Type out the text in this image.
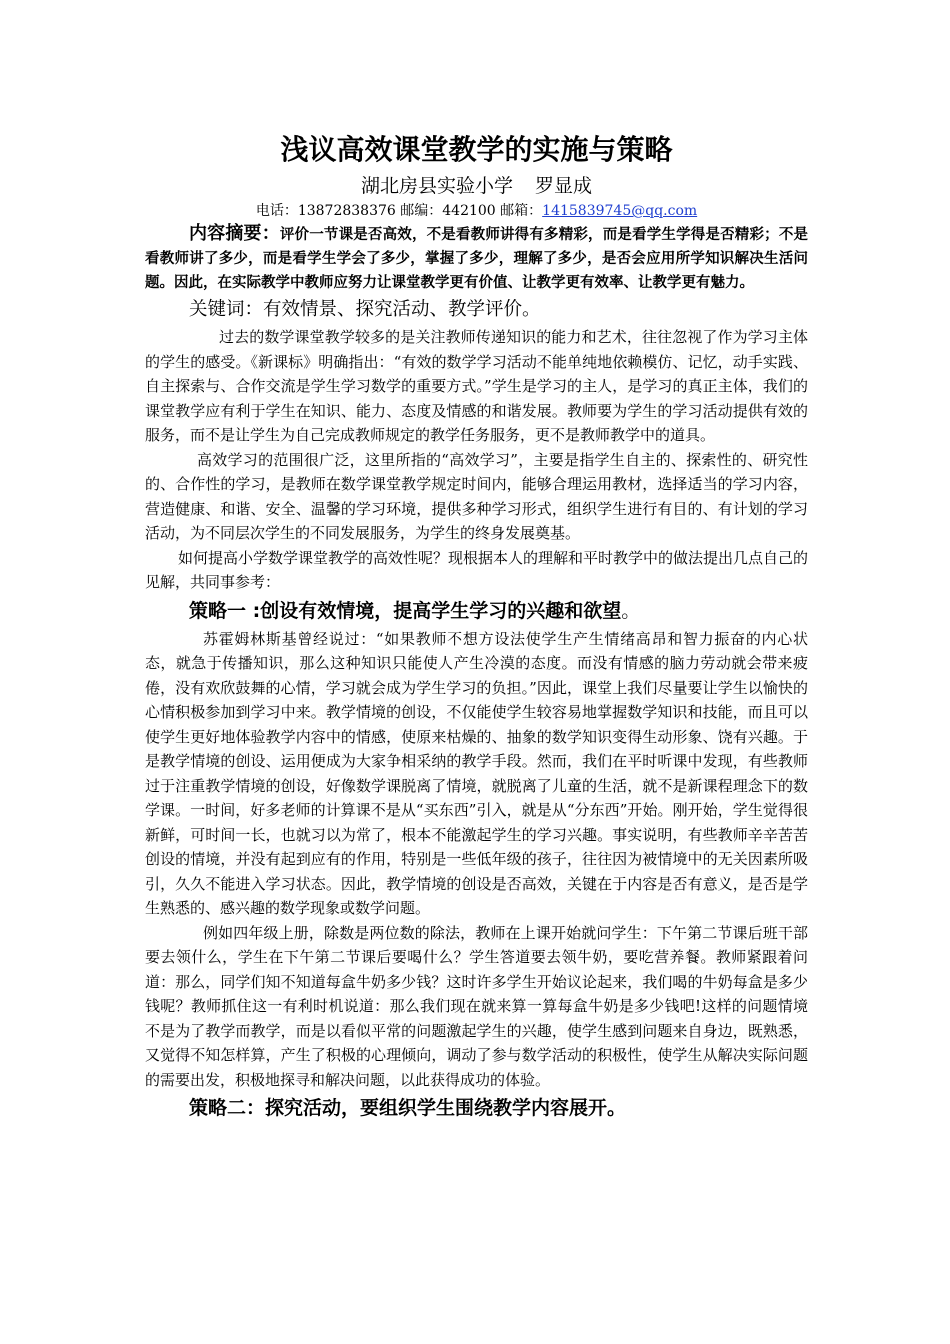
浅议高效课堂教学的实施与策略

湖北房县实验小学 罗显成

电话：13872838376 邮编：442100 邮箱：1415839745@qq.com

内容摘要：评价一节课是否高效，不是看教师讲得有多精彩，而是看学生学得是否精彩；不是看教师讲了多少，而是看学生学会了多少，掌握了多少，理解了多少，是否会应用所学知识解决生活问题。因此，在实际教学中教师应努力让课堂教学更有价值、让教学更有效率、让教学更有魅力。

关键词：有效情景、探究活动、教学评价。

过去的数学课堂教学较多的是关注教师传递知识的能力和艺术，往往忽视了作为学习主体的学生的感受。《新课标》明确指出：“有效的数学学习活动不能单纯地依赖模仿、记忆，动手实践、自主探索与、合作交流是学生学习数学的重要方式。”学生是学习的主人，是学习的真正主体，我们的课堂教学应有利于学生在知识、能力、态度及情感的和谐发展。教师要为学生的学习活动提供有效的服务，而不是让学生为自己完成教师规定的教学任务服务，更不是教师教学中的道具。

高效学习的范围很广泛，这里所指的“高效学习”，主要是指学生自主的、探索性的、研究性的、合作性的学习，是教师在数学课堂教学规定时间内，能够合理运用教材，选择适当的学习内容，营造健康、和谐、安全、温馨的学习环境，提供多种学习形式，组织学生进行有目的、有计划的学习活动，为不同层次学生的不同发展服务，为学生的终身发展奠基。

如何提高小学数学课堂教学的高效性呢？现根据本人的理解和平时教学中的做法提出几点自己的见解，共同事参考：

策略一 :创设有效情境，提高学生学习的兴趣和欲望。

苏霍姆林斯基曾经说过：“如果教师不想方设法使学生产生情绪高昂和智力振奋的内心状态，就急于传播知识，那么这种知识只能使人产生冷漠的态度。而没有情感的脑力劳动就会带来疲倦，没有欢欣鼓舞的心情，学习就会成为学生学习的负担。”因此，课堂上我们尽量要让学生以愉快的心情积极参加到学习中来。教学情境的创设，不仅能使学生较容易地掌握数学知识和技能，而且可以使学生更好地体验教学内容中的情感，使原来枯燥的、抽象的数学知识变得生动形象、饶有兴趣。于是教学情境的创设、运用便成为大家争相采纳的教学手段。然而，我们在平时听课中发现，有些教师过于注重教学情境的创设，好像数学课脱离了情境，就脱离了儿童的生活，就不是新课程理念下的数学课。一时间，好多老师的计算课不是从“买东西”引入，就是从“分东西”开始。刚开始，学生觉得很新鲜，可时间一长，也就习以为常了，根本不能激起学生的学习兴趣。事实说明，有些教师辛辛苦苦创设的情境，并没有起到应有的作用，特别是一些低年级的孩子，往往因为被情境中的无关因素所吸引，久久不能进入学习状态。因此，教学情境的创设是否高效，关键在于内容是否有意义，是否是学生熟悉的、感兴趣的数学现象或数学问题。

例如四年级上册，除数是两位数的除法，教师在上课开始就问学生：下午第二节课后班干部要去领什么，学生在下午第二节课后要喝什么？学生答道要去领牛奶，要吃营养餐。教师紧跟着问道：那么，同学们知不知道每盒牛奶多少钱？这时许多学生开始议论起来，我们喝的牛奶每盒是多少钱呢？教师抓住这一有利时机说道：那么我们现在就来算一算每盒牛奶是多少钱吧!这样的问题情境不是为了教学而教学，而是以看似平常的问题激起学生的兴趣，使学生感到问题来自身边，既熟悉，又觉得不知怎样算，产生了积极的心理倾向，调动了参与数学活动的积极性，使学生从解决实际问题的需要出发，积极地探寻和解决问题，以此获得成功的体验。

策略二：探究活动，要组织学生围绕教学内容展开。
